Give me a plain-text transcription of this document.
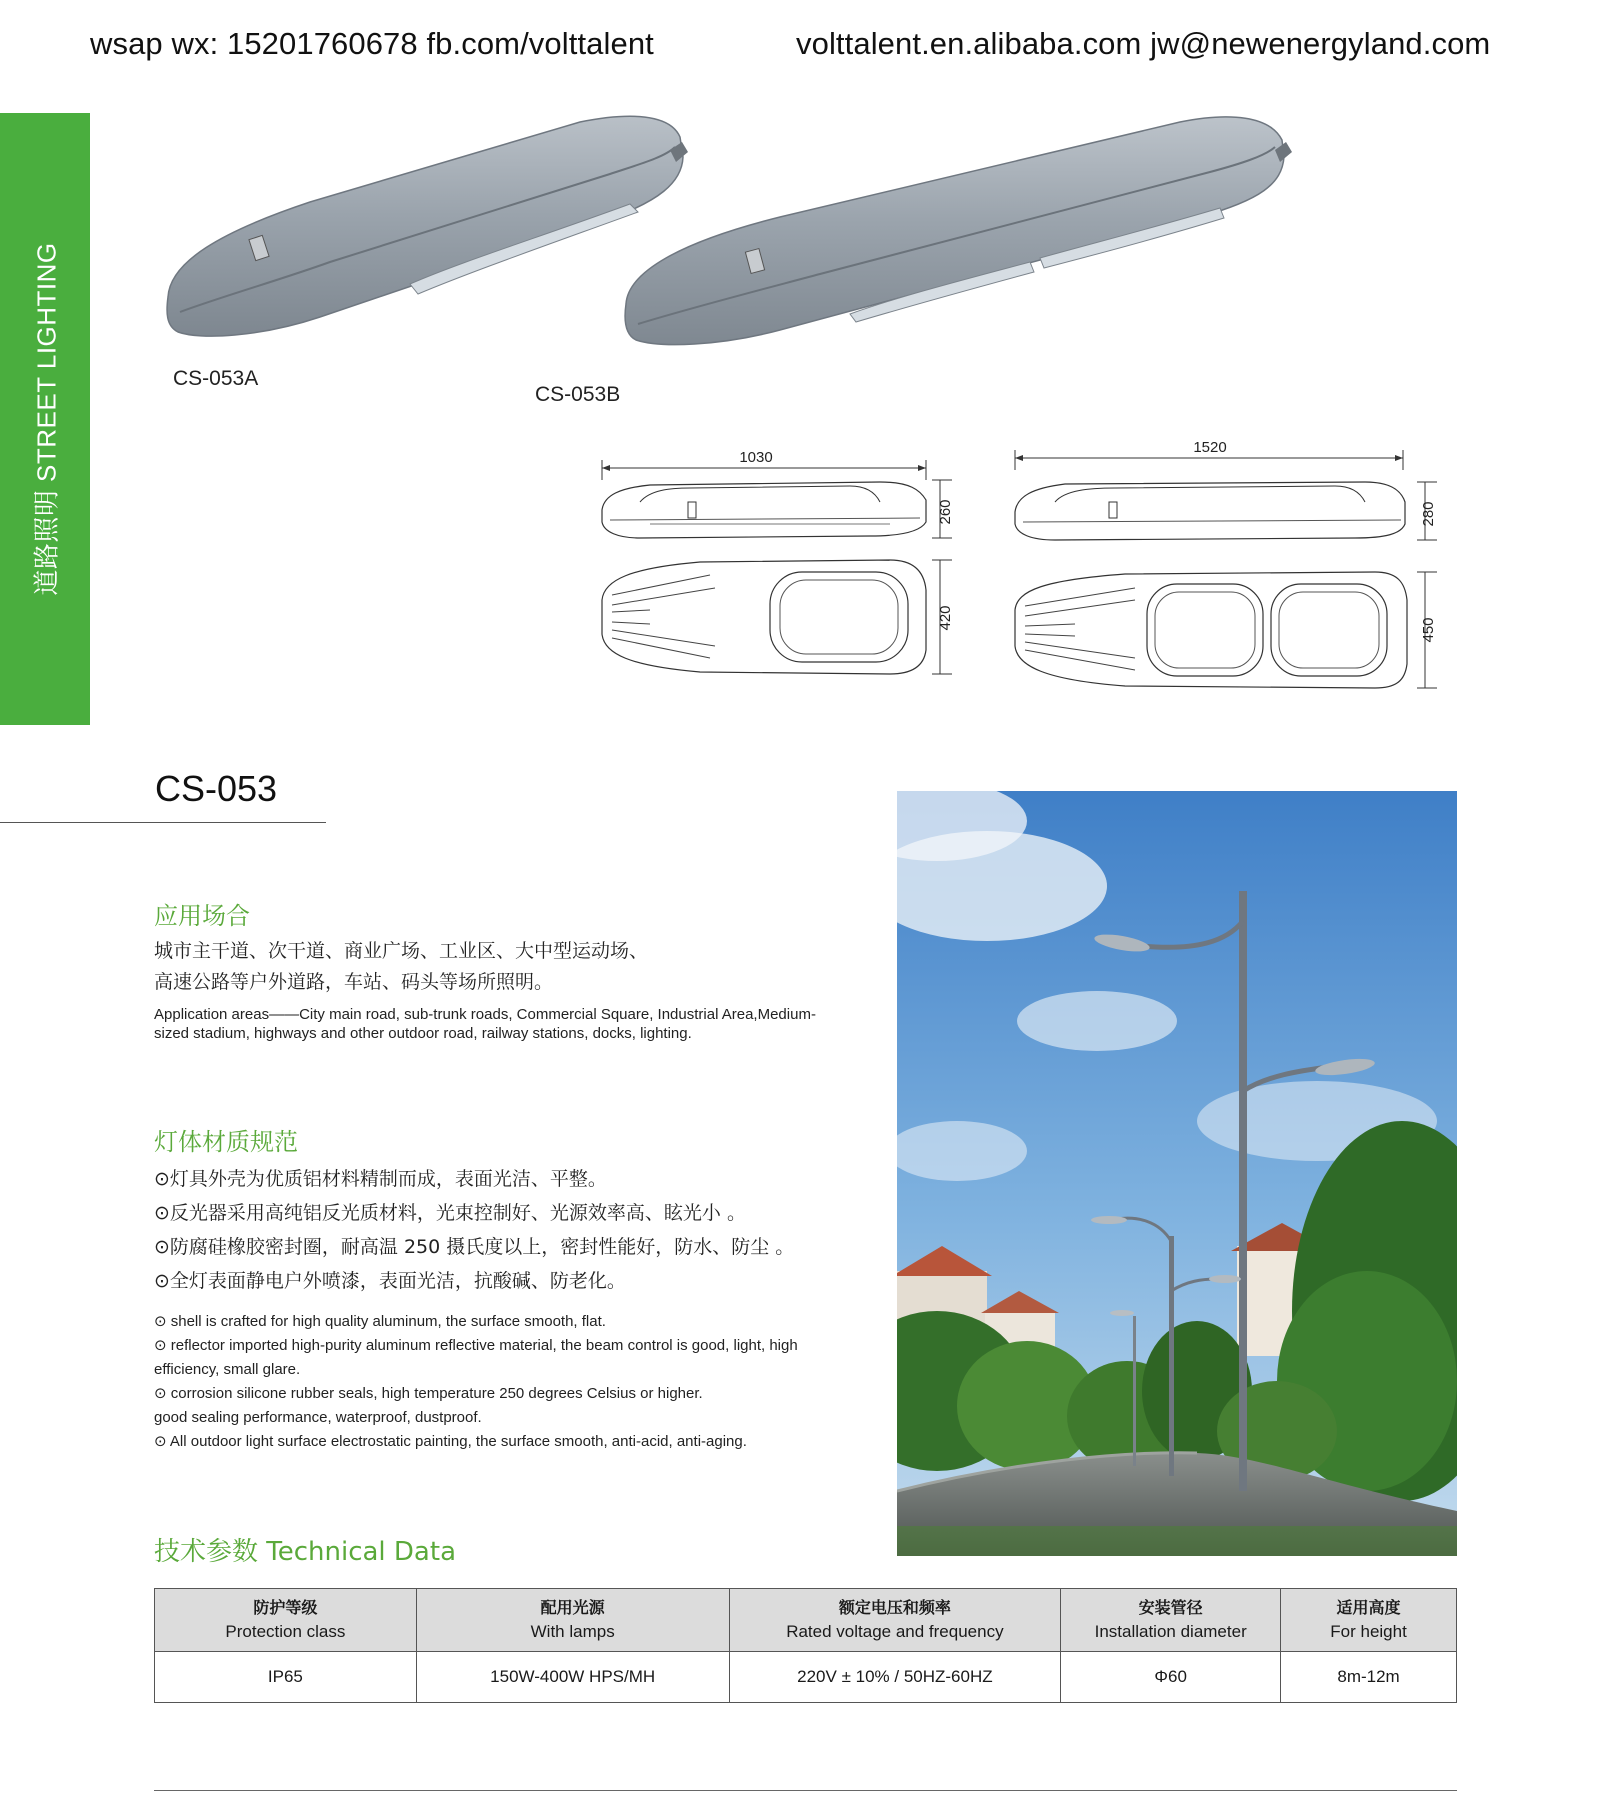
wsap wx: 15201760678 fb.com/volttalent	volttalent.en.alibaba.com jw@newenergyland.com
道路照明 STREET LIGHTING	CS-053A
CS-053B
1030
260
420
1520
280
450
CS-053
应用场合
城市主干道、次干道、商业广场、工业区、大中型运动场、
高速公路等户外道路，车站、码头等场所照明。
Application areas——City main road, sub-trunk roads, Commercial Square, Industrial Area,Medium-
sized stadium, highways and other outdoor road, railway stations, docks, lighting.
灯体材质规范
⊙灯具外壳为优质铝材料精制而成，表面光洁、平整。
⊙反光器采用高纯铝反光质材料，光束控制好、光源效率高、眩光小 。
⊙防腐硅橡胶密封圈，耐高温 250 摄氏度以上，密封性能好，防水、防尘 。
⊙全灯表面静电户外喷漆，表面光洁，抗酸碱、防老化。
⊙ shell is crafted for high quality aluminum, the surface smooth, flat.
⊙ reflector imported high-purity aluminum reflective material, the beam control is good, light, high
efficiency, small glare.
⊙ corrosion silicone rubber seals, high temperature 250 degrees Celsius or higher.
good sealing performance, waterproof, dustproof.
⊙ All outdoor light surface electrostatic painting, the surface smooth, anti-acid, anti-aging.
技术参数 Technical Data
防护等级
Protection class	配用光源
With lamps	额定电压和频率
Rated voltage and frequency	安装管径
Installation diameter	适用高度
For height
IP65	150W-400W HPS/MH	220V ± 10% / 50HZ-60HZ	Φ60	8m-12m
